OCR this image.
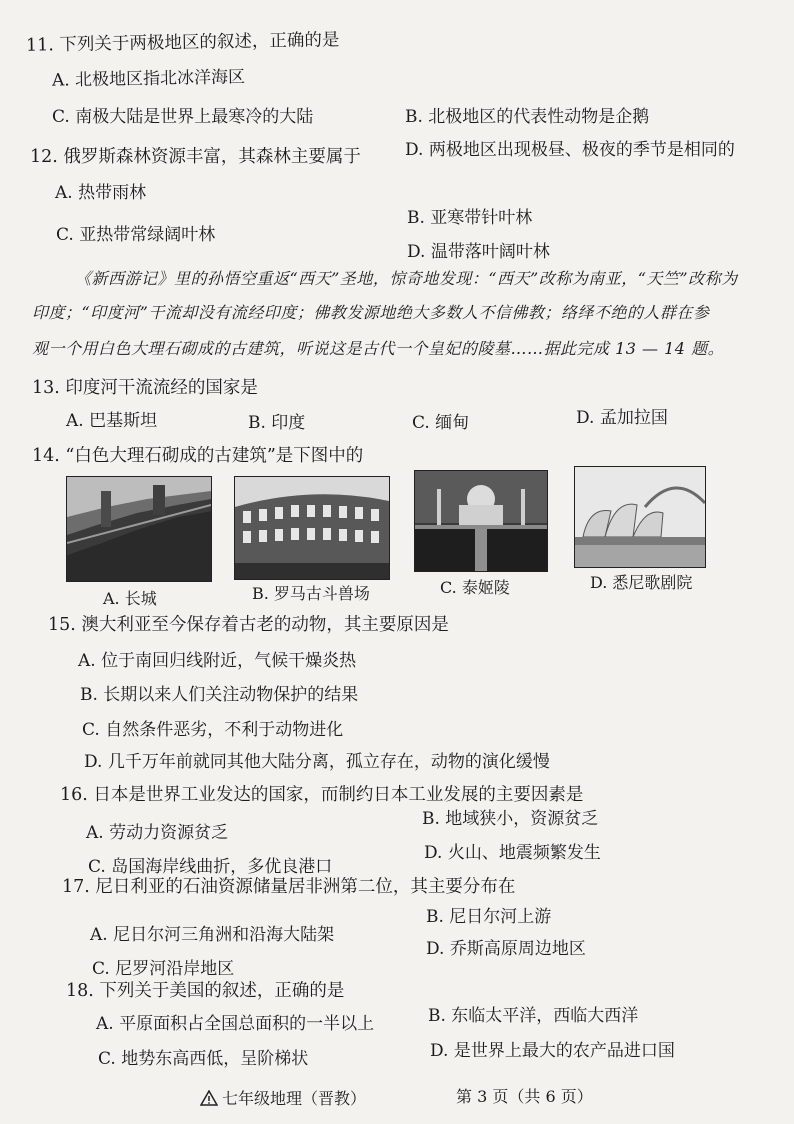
11. 下列关于两极地区的叙述，正确的是
A. 北极地区指北冰洋海区
C. 南极大陆是世界上最寒冷的大陆	B. 北极地区的代表性动物是企鹅
D. 两极地区出现极昼、极夜的季节是相同的
12. 俄罗斯森林资源丰富，其森林主要属于
A. 热带雨林
B. 亚寒带针叶林
C. 亚热带常绿阔叶林
D. 温带落叶阔叶林
《新西游记》里的孙悟空重返“西天”圣地，惊奇地发现：“西天”改称为南亚，“天竺”改称为
印度；“印度河”干流却没有流经印度；佛教发源地绝大多数人不信佛教；络绎不绝的人群在参
观一个用白色大理石砌成的古建筑，听说这是古代一个皇妃的陵墓……据此完成 13 — 14 题。
13. 印度河干流流经的国家是
A. 巴基斯坦	B. 印度	C. 缅甸	D. 孟加拉国
14. “白色大理石砌成的古建筑”是下图中的
A. 长城	B. 罗马古斗兽场	C. 泰姬陵	D. 悉尼歌剧院
15. 澳大利亚至今保存着古老的动物，其主要原因是
A. 位于南回归线附近，气候干燥炎热
B. 长期以来人们关注动物保护的结果
C. 自然条件恶劣，不利于动物进化
D. 几千万年前就同其他大陆分离，孤立存在，动物的演化缓慢
16. 日本是世界工业发达的国家，而制约日本工业发展的主要因素是
B. 地域狭小，资源贫乏
A. 劳动力资源贫乏
D. 火山、地震频繁发生
C. 岛国海岸线曲折，多优良港口
17. 尼日利亚的石油资源储量居非洲第二位，其主要分布在
B. 尼日尔河上游
A. 尼日尔河三角洲和沿海大陆架
D. 乔斯高原周边地区
C. 尼罗河沿岸地区
18. 下列关于美国的叙述，正确的是
B. 东临太平洋，西临大西洋
A. 平原面积占全国总面积的一半以上
D. 是世界上最大的农产品进口国
C. 地势东高西低，呈阶梯状
七年级地理（晋教）	第 3 页（共 6 页）
